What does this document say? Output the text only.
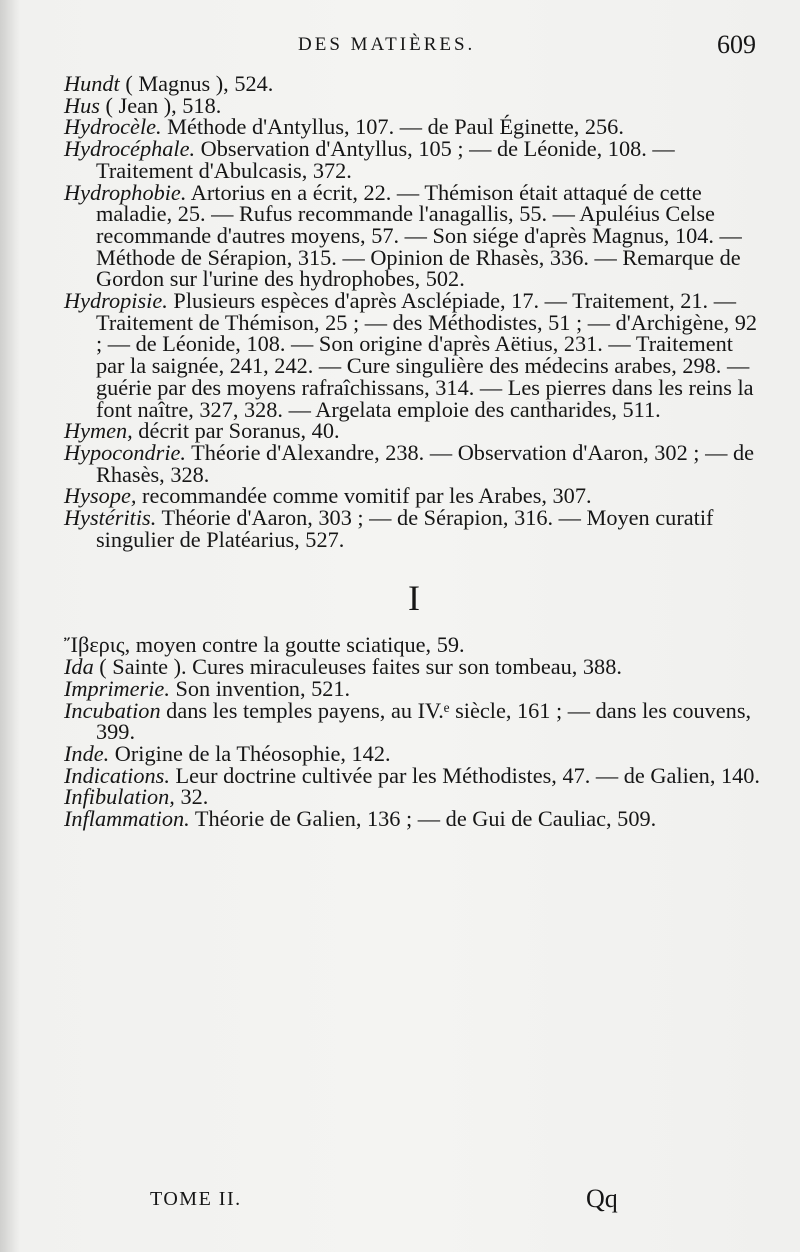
DES MATIÈRES.	609

Hundt ( Magnus ), 524.

Hus ( Jean ), 518.

Hydrocèle. Méthode d'Antyllus, 107. — de Paul Éginette, 256.

Hydrocéphale. Observation d'Antyllus, 105 ; — de Léonide, 108. — Traitement d'Abulcasis, 372.

Hydrophobie. Artorius en a écrit, 22. — Thémison était attaqué de cette maladie, 25. — Rufus recommande l'anagallis, 55. — Apuléius Celse recommande d'autres moyens, 57. — Son siége d'après Magnus, 104. — Méthode de Sérapion, 315. — Opinion de Rhasès, 336. — Remarque de Gordon sur l'urine des hydrophobes, 502.

Hydropisie. Plusieurs espèces d'après Asclépiade, 17. — Traitement, 21. — Traitement de Thémison, 25 ; — des Méthodistes, 51 ; — d'Archigène, 92 ; — de Léonide, 108. — Son origine d'après Aëtius, 231. — Traitement par la saignée, 241, 242. — Cure singulière des médecins arabes, 298. — guérie par des moyens rafraîchissans, 314. — Les pierres dans les reins la font naître, 327, 328. — Argelata emploie des cantharides, 511.

Hymen, décrit par Soranus, 40.

Hypocondrie. Théorie d'Alexandre, 238. — Observation d'Aaron, 302 ; — de Rhasès, 328.

Hysope, recommandée comme vomitif par les Arabes, 307.

Hystéritis. Théorie d'Aaron, 303 ; — de Sérapion, 316. — Moyen curatif singulier de Platéarius, 527.

I

Ἴβερις, moyen contre la goutte sciatique, 59.

Ida ( Sainte ). Cures miraculeuses faites sur son tombeau, 388.

Imprimerie. Son invention, 521.

Incubation dans les temples payens, au IV.ᵉ siècle, 161 ; — dans les couvens, 399.

Inde. Origine de la Théosophie, 142.

Indications. Leur doctrine cultivée par les Méthodistes, 47. — de Galien, 140.

Infibulation, 32.

Inflammation. Théorie de Galien, 136 ; — de Gui de Cauliac, 509.

TOME II.	Qq
